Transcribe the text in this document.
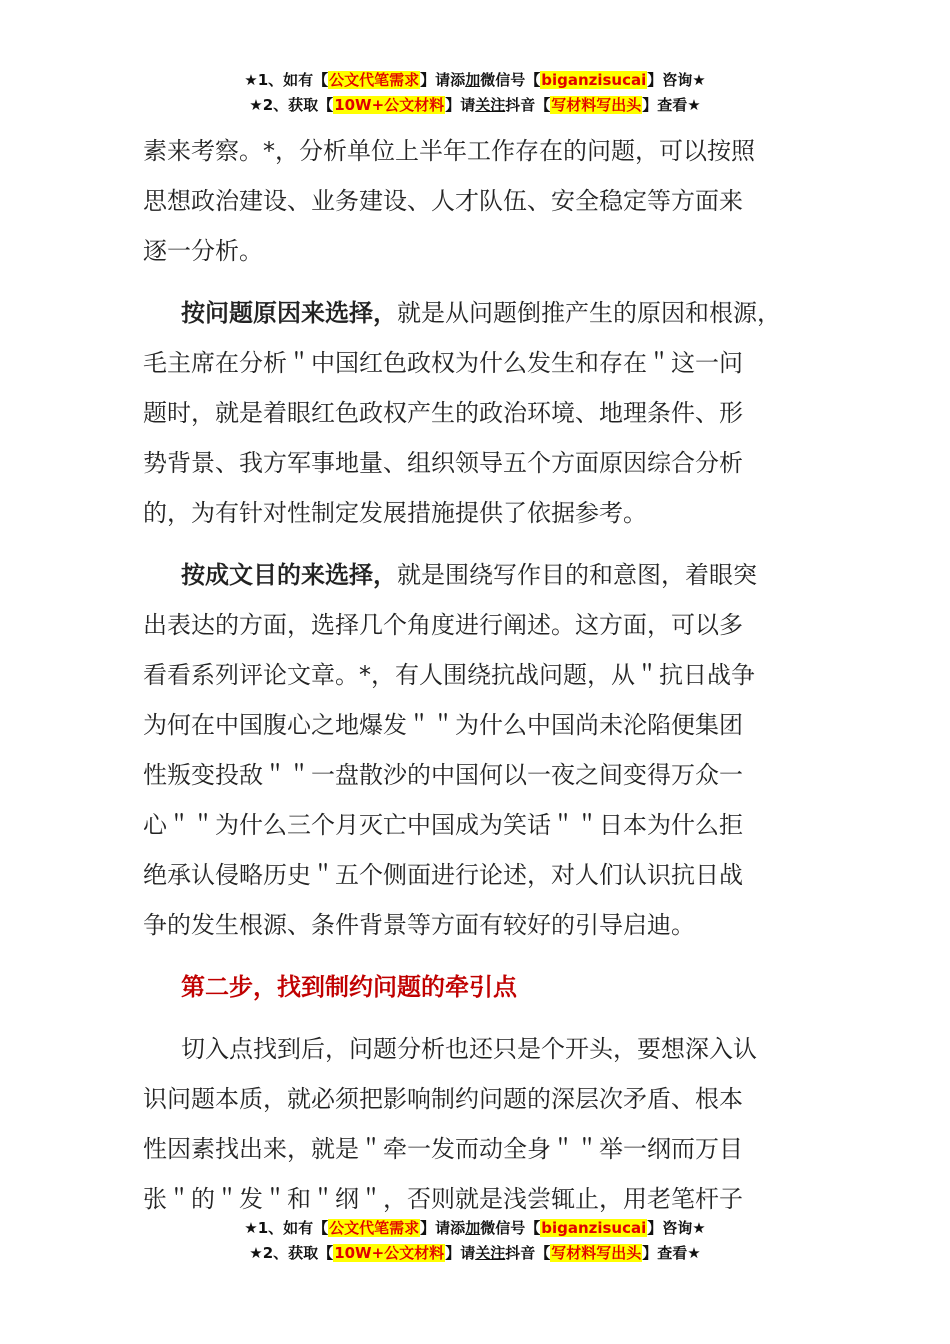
★1、如有【公文代笔需求】请添加微信号【biganzisucai】咨询★
★2、获取【10W+公文材料】请关注抖音【写材料写出头】查看★
素来考察。*，分析单位上半年工作存在的问题，可以按照
思想政治建设、业务建设、人才队伍、安全稳定等方面来
逐一分析。
按问题原因来选择，就是从问题倒推产生的原因和根源，
毛主席在分析＂中国红色政权为什么发生和存在＂这一问
题时，就是着眼红色政权产生的政治环境、地理条件、形
势背景、我方军事地量、组织领导五个方面原因综合分析
的，为有针对性制定发展措施提供了依据参考。
按成文目的来选择，就是围绕写作目的和意图，着眼突
出表达的方面，选择几个角度进行阐述。这方面，可以多
看看系列评论文章。*，有人围绕抗战问题，从＂抗日战争
为何在中国腹心之地爆发＂＂为什么中国尚未沦陷便集团
性叛变投敌＂＂一盘散沙的中国何以一夜之间变得万众一
心＂＂为什么三个月灭亡中国成为笑话＂＂日本为什么拒
绝承认侵略历史＂五个侧面进行论述，对人们认识抗日战
争的发生根源、条件背景等方面有较好的引导启迪。
第二步，找到制约问题的牵引点
切入点找到后，问题分析也还只是个开头，要想深入认
识问题本质，就必须把影响制约问题的深层次矛盾、根本
性因素找出来，就是＂牵一发而动全身＂＂举一纲而万目
张＂的＂发＂和＂纲＂，否则就是浅尝辄止，用老笔杆子
★1、如有【公文代笔需求】请添加微信号【biganzisucai】咨询★
★2、获取【10W+公文材料】请关注抖音【写材料写出头】查看★
